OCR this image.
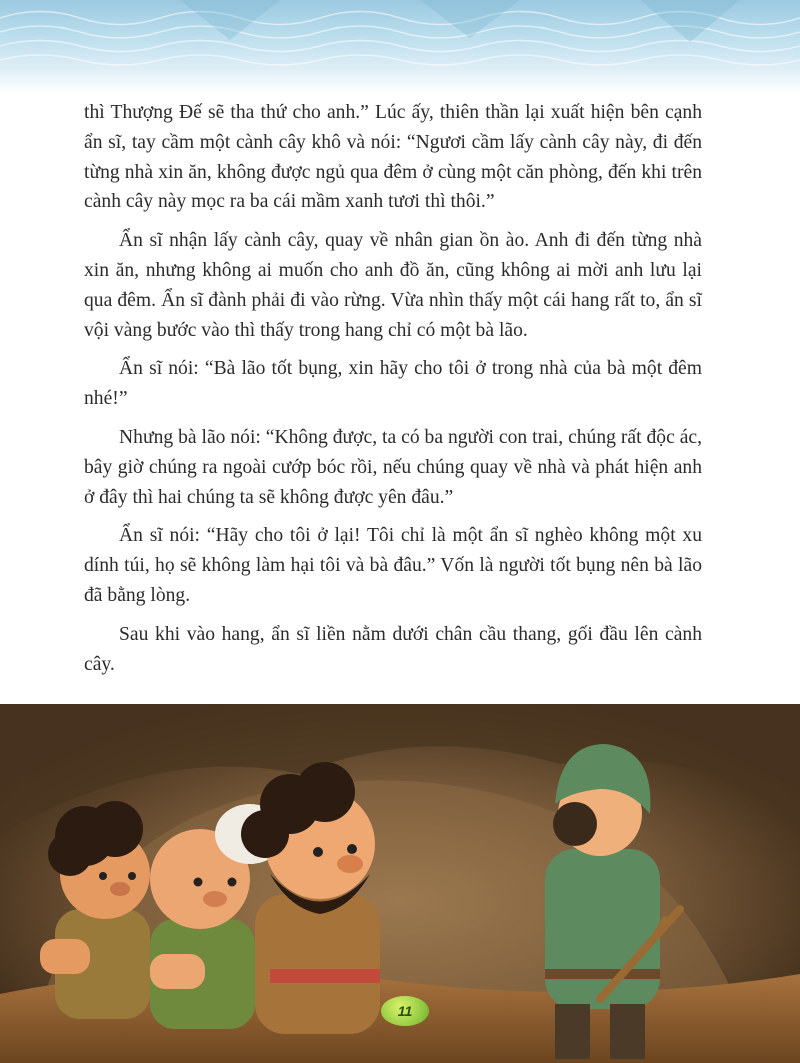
thì Thượng Đế sẽ tha thứ cho anh.” Lúc ấy, thiên thần lại xuất hiện bên cạnh ẩn sĩ, tay cầm một cành cây khô và nói: “Ngươi cầm lấy cành cây này, đi đến từng nhà xin ăn, không được ngủ qua đêm ở cùng một căn phòng, đến khi trên cành cây này mọc ra ba cái mầm xanh tươi thì thôi.”

Ẩn sĩ nhận lấy cành cây, quay về nhân gian ồn ào. Anh đi đến từng nhà xin ăn, nhưng không ai muốn cho anh đồ ăn, cũng không ai mời anh lưu lại qua đêm. Ẩn sĩ đành phải đi vào rừng. Vừa nhìn thấy một cái hang rất to, ẩn sĩ vội vàng bước vào thì thấy trong hang chỉ có một bà lão.

Ẩn sĩ nói: “Bà lão tốt bụng, xin hãy cho tôi ở trong nhà của bà một đêm nhé!”

Nhưng bà lão nói: “Không được, ta có ba người con trai, chúng rất độc ác, bây giờ chúng ra ngoài cướp bóc rồi, nếu chúng quay về nhà và phát hiện anh ở đây thì hai chúng ta sẽ không được yên đâu.”

Ẩn sĩ nói: “Hãy cho tôi ở lại! Tôi chỉ là một ẩn sĩ nghèo không một xu dính túi, họ sẽ không làm hại tôi và bà đâu.” Vốn là người tốt bụng nên bà lão đã bằng lòng.

Sau khi vào hang, ẩn sĩ liền nằm dưới chân cầu thang, gối đầu lên cành cây.

11
